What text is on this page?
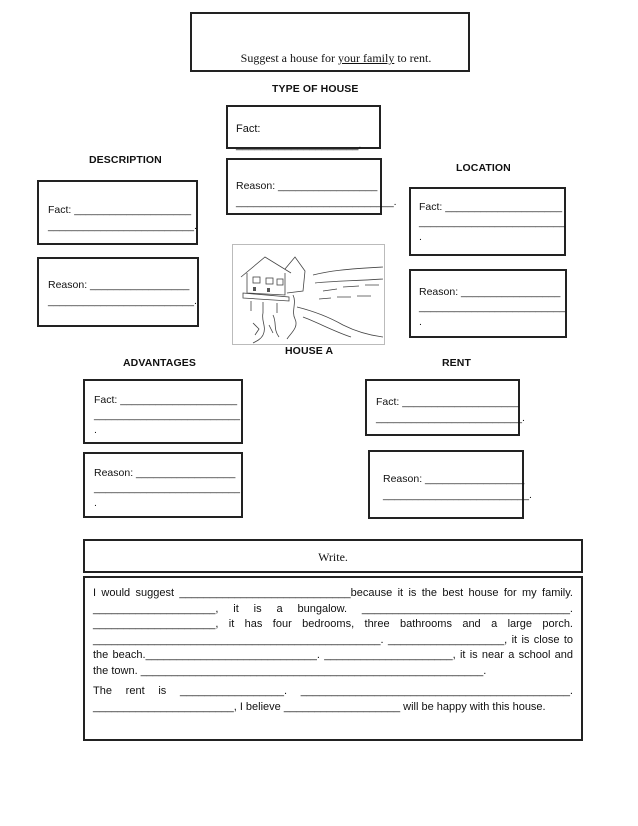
Suggest a house for your family to rent.

TYPE OF HOUSE
DESCRIPTION
LOCATION
ADVANTAGES	RENT
HOUSE A
Fact: ____________________.
Reason: _________________
___________________________.
Fact: ____________________
_________________________.
Reason: _________________
_________________________.
Fact: ____________________
_________________________
.
Reason: _________________
_________________________
.
Fact: ____________________
_________________________
.
Reason: _________________
_________________________
.
Fact: ____________________
_________________________.
Reason: _________________
_________________________.
Write.

I would suggest ____________________________because it is the best house for my family. ____________________, it is a bungalow. __________________________________. ____________________, it has four bedrooms, three bathrooms and a large porch. _______________________________________________. ___________________, it is close to the beach.____________________________. _____________________, it is near a school and the town. ________________________________________________________.

The rent is _________________. ____________________________________________. _______________________, I believe ___________________ will be happy with this house.
